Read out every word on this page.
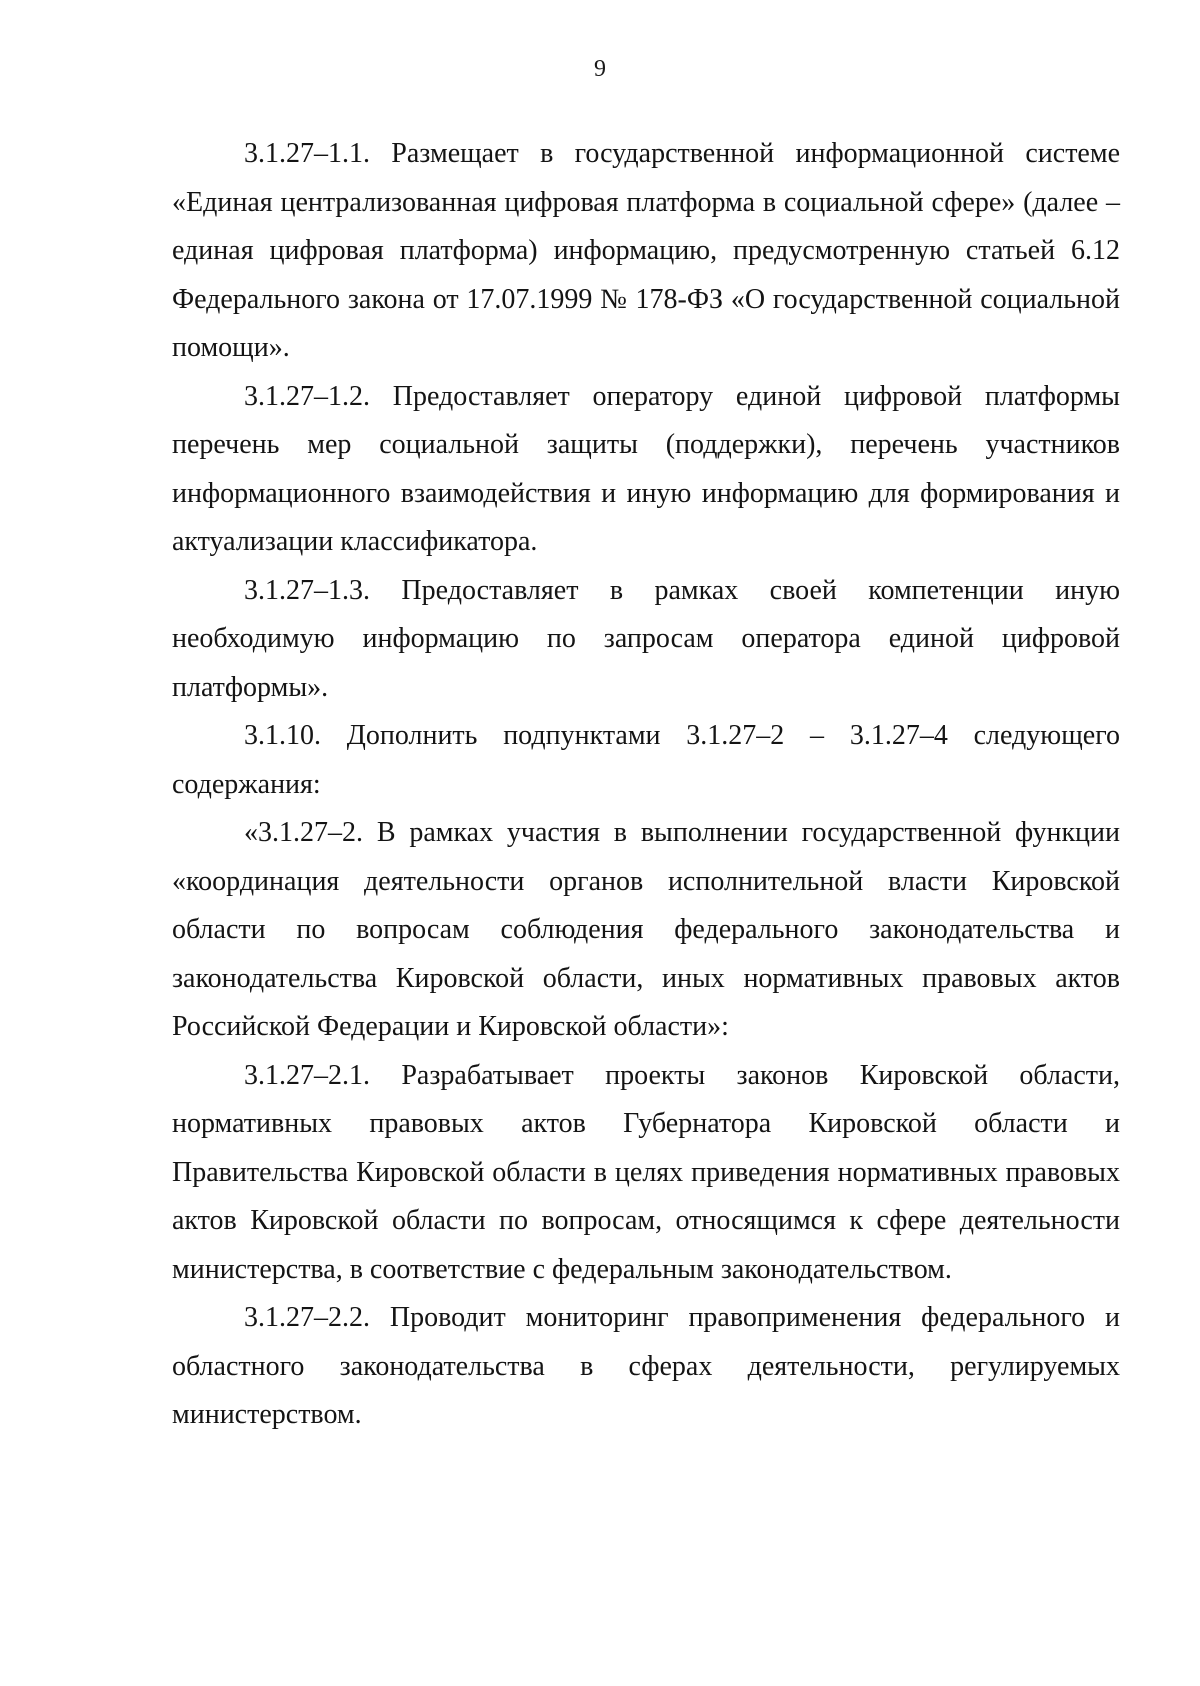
9

3.1.27–1.1. Размещает в государственной информационной системе «Единая централизованная цифровая платформа в социальной сфере» (далее – единая цифровая платформа) информацию, предусмотренную статьей 6.12 Федерального закона от 17.07.1999 № 178-ФЗ «О государственной социальной помощи».

3.1.27–1.2. Предоставляет оператору единой цифровой платформы перечень мер социальной защиты (поддержки), перечень участников информационного взаимодействия и иную информацию для формирования и актуализации классификатора.

3.1.27–1.3. Предоставляет в рамках своей компетенции иную необходимую информацию по запросам оператора единой цифровой платформы».

3.1.10. Дополнить подпунктами 3.1.27–2 – 3.1.27–4 следующего содержания:

«3.1.27–2. В рамках участия в выполнении государственной функции «координация деятельности органов исполнительной власти Кировской области по вопросам соблюдения федерального законодательства и законодательства Кировской области, иных нормативных правовых актов Российской Федерации и Кировской области»:

3.1.27–2.1. Разрабатывает проекты законов Кировской области, нормативных правовых актов Губернатора Кировской области и Правительства Кировской области в целях приведения нормативных правовых актов Кировской области по вопросам, относящимся к сфере деятельности министерства, в соответствие с федеральным законодательством.

3.1.27–2.2. Проводит мониторинг правоприменения федерального и областного законодательства в сферах деятельности, регулируемых министерством.
